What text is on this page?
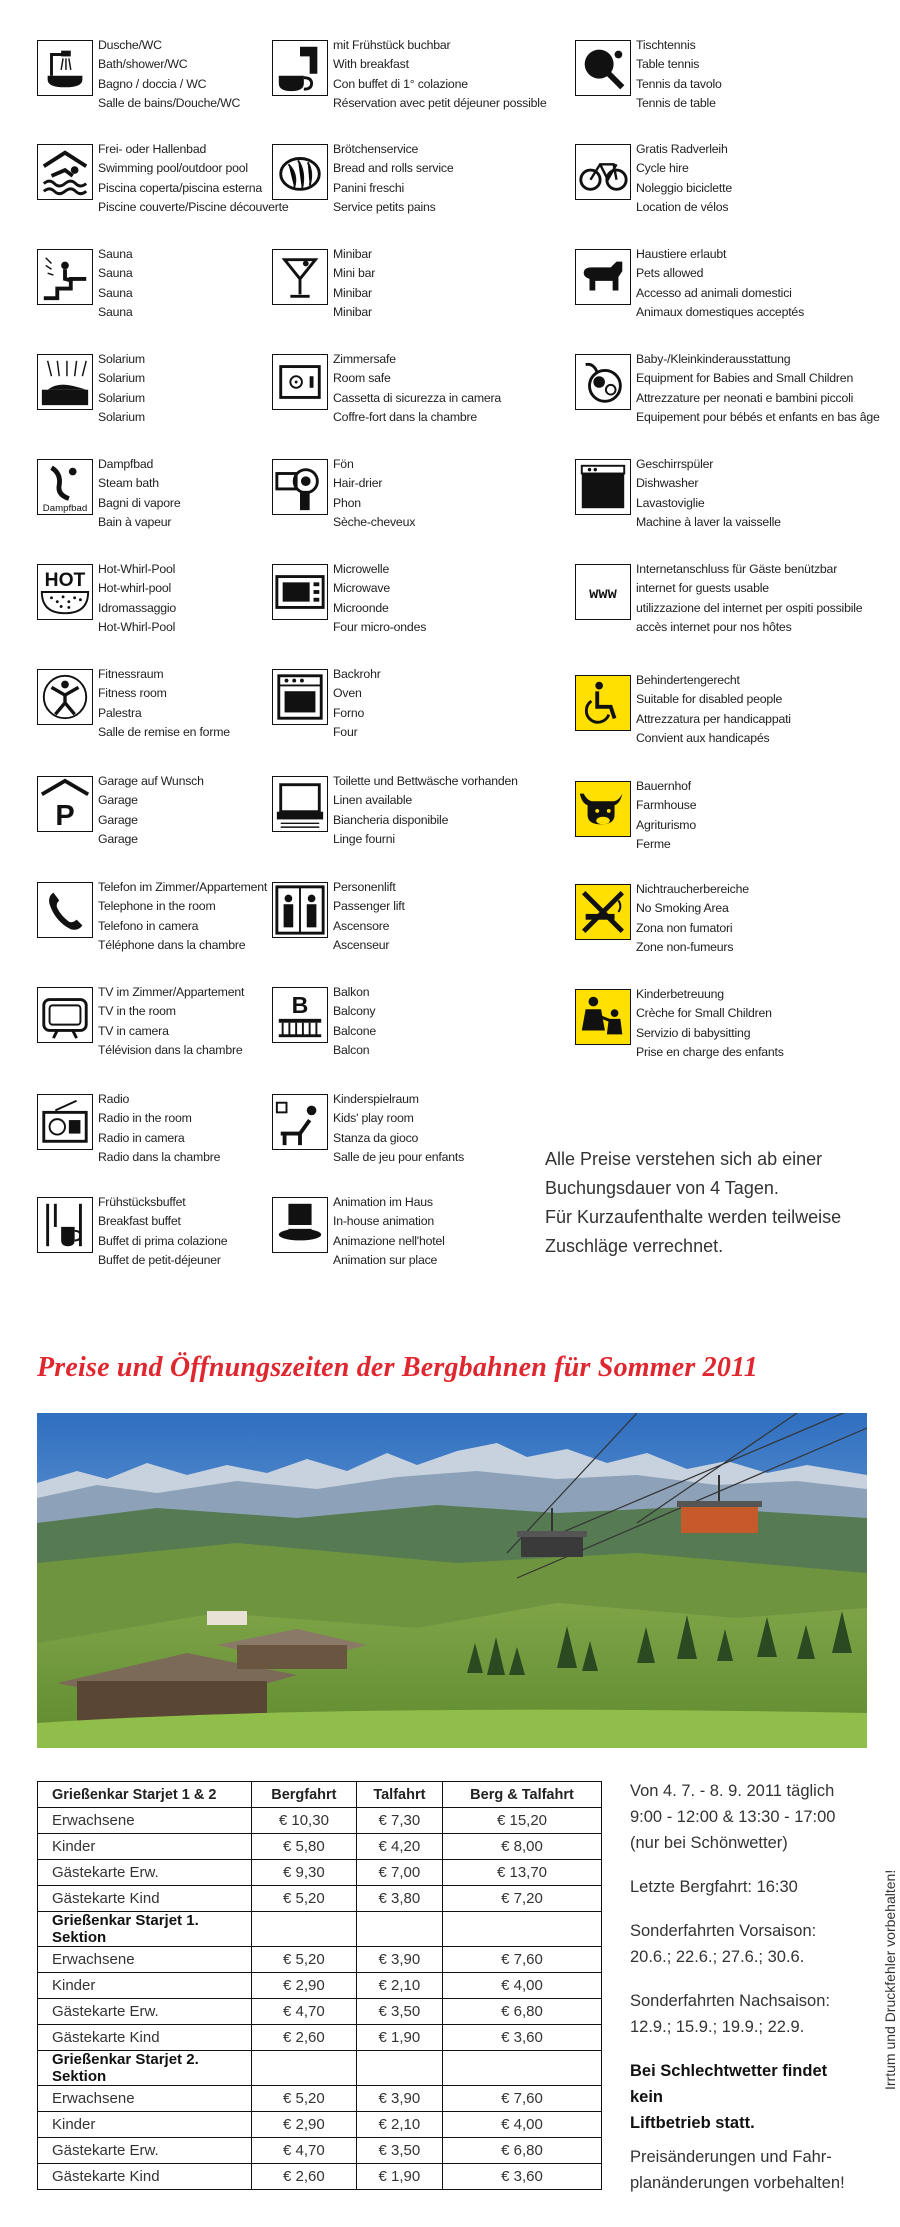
Dusche/WC
Bath/shower/WC
Bagno / doccia / WC
Salle de bains/Douche/WC
Frei- oder Hallenbad
Swimming pool/outdoor pool
Piscina coperta/piscina esterna
Piscine couverte/Piscine découverte
Sauna
Sauna
Sauna
Sauna
Solarium
Solarium
Solarium
Solarium
Dampfbad
Dampfbad
Steam bath
Bagni di vapore
Bain à vapeur
HOT
Hot-Whirl-Pool
Hot-whirl-pool
Idromassaggio
Hot-Whirl-Pool
Fitnessraum
Fitness room
Palestra
Salle de remise en forme
P
Garage auf Wunsch
Garage
Garage
Garage
Telefon im Zimmer/Appartement
Telephone in the room
Telefono in camera
Téléphone dans la chambre
TV im Zimmer/Appartement
TV in the room
TV in camera
Télévision dans la chambre
Radio
Radio in the room
Radio in camera
Radio dans la chambre
Frühstücksbuffet
Breakfast buffet
Buffet di prima colazione
Buffet de petit-déjeuner
mit Frühstück buchbar
With breakfast
Con buffet di 1° colazione
Réservation avec petit déjeuner possible
Brötchenservice
Bread and rolls service
Panini freschi
Service petits pains
Minibar
Mini bar
Minibar
Minibar
Zimmersafe
Room safe
Cassetta di sicurezza in camera
Coffre-fort dans la chambre
Fön
Hair-drier
Phon
Sèche-cheveux
Microwelle
Microwave
Microonde
Four micro-ondes
Backrohr
Oven
Forno
Four
Toilette und Bettwäsche vorhanden
Linen available
Biancheria disponibile
Linge fourni
Personenlift
Passenger lift
Ascensore
Ascenseur
B
Balkon
Balcony
Balcone
Balcon
Kinderspielraum
Kids' play room
Stanza da gioco
Salle de jeu pour enfants
Animation im Haus
In-house animation
Animazione nell'hotel
Animation sur place
Tischtennis
Table tennis
Tennis da tavolo
Tennis de table
Gratis Radverleih
Cycle hire
Noleggio biciclette
Location de vélos
Haustiere erlaubt
Pets allowed
Accesso ad animali domestici
Animaux domestiques acceptés
Baby-/Kleinkinderausstattung
Equipment for Babies and Small Children
Attrezzature per neonati e bambini piccoli
Equipement pour bébés et enfants en bas âge
Geschirrspüler
Dishwasher
Lavastoviglie
Machine à laver la vaisselle
www
Internetanschluss für Gäste benützbar
internet for guests usable
utilizzazione del internet per ospiti possibile
accès internet pour nos hôtes
Behindertengerecht
Suitable for disabled people
Attrezzatura per handicappati
Convient aux handicapés
Bauernhof
Farmhouse
Agriturismo
Ferme
Nichtraucherbereiche
No Smoking Area
Zona non fumatori
Zone non-fumeurs
Kinderbetreuung
Crèche for Small Children
Servizio di babysitting
Prise en charge des enfants
Alle Preise verstehen sich ab einer
Buchungsdauer von 4 Tagen.
Für Kurzaufenthalte werden teilweise
Zuschläge verrechnet.
Preise und Öffnungszeiten der Bergbahnen für Sommer 2011
Grießenkar Starjet 1 & 2	Bergfahrt	Talfahrt	Berg & Talfahrt
Erwachsene	€ 10,30	€ 7,30	€ 15,20
Kinder	€ 5,80	€ 4,20	€ 8,00
Gästekarte Erw.	€ 9,30	€ 7,00	€ 13,70
Gästekarte Kind	€ 5,20	€ 3,80	€ 7,20
Grießenkar Starjet 1. Sektion			
Erwachsene	€ 5,20	€ 3,90	€ 7,60
Kinder	€ 2,90	€ 2,10	€ 4,00
Gästekarte Erw.	€ 4,70	€ 3,50	€ 6,80
Gästekarte Kind	€ 2,60	€ 1,90	€ 3,60
Grießenkar Starjet 2. Sektion			
Erwachsene	€ 5,20	€ 3,90	€ 7,60
Kinder	€ 2,90	€ 2,10	€ 4,00
Gästekarte Erw.	€ 4,70	€ 3,50	€ 6,80
Gästekarte Kind	€ 2,60	€ 1,90	€ 3,60

Von 4. 7. - 8. 9. 2011 täglich
9:00 - 12:00 & 13:30 - 17:00
(nur bei Schönwetter)

Letzte Bergfahrt: 16:30

Sonderfahrten Vorsaison:
20.6.; 22.6.; 27.6.; 30.6.

Sonderfahrten Nachsaison:
12.9.; 15.9.; 19.9.; 22.9.

Bei Schlechtwetter findet kein
Liftbetrieb statt.

Preisänderungen und Fahr-
planänderungen vorbehalten!

Irrtum und Druckfehler vorbehalten!
